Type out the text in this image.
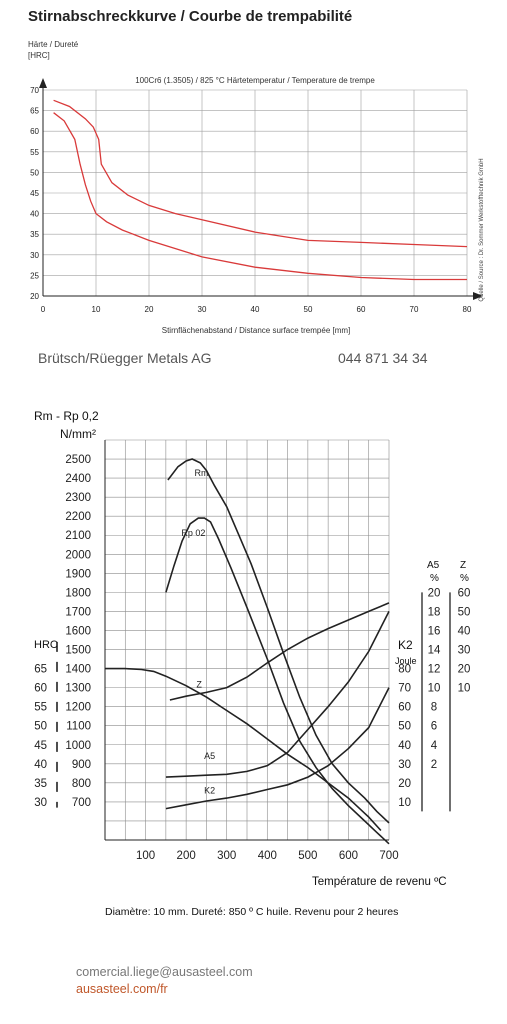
Stirnabschreckkurve / Courbe de trempabilité
Härte / Dureté
[HRC]
20
25
30
35
40
45
50
55
60
65
70
0	10	20	30	40	50	60	70	80
100Cr6 (1.3505) / 825 °C Härtetemperatur / Temperature de trempe
Stirnflächenabstand / Distance surface trempée [mm]
Quelle / Source : Dr. Sommer Werkstofftechnik GmbH
Brütsch/Rüegger Metals AG	044 871 34 34
700
800
900
1000
1100
1200
1300
1400
1500
1600
1700
1800
1900
2000
2100
2200
2300
2400
2500
100 200 300 400 500 600 700
30
35
40
45
50
55
60
65
10
20
30
40
50
60
70
80
2
4
6
8
10
12
14
16
18
20
10
20
30
40
50
60
Rm
Rp 02
Z
A5
K2
Rm - Rp 0,2
N/mm²
Température de revenu ºC
HRC	K2
Joule
A5
%
Z
%
Diamètre: 10 mm. Dureté: 850 º C huile. Revenu pour 2 heures
comercial.liege@ausasteel.com
ausasteel.com/fr
